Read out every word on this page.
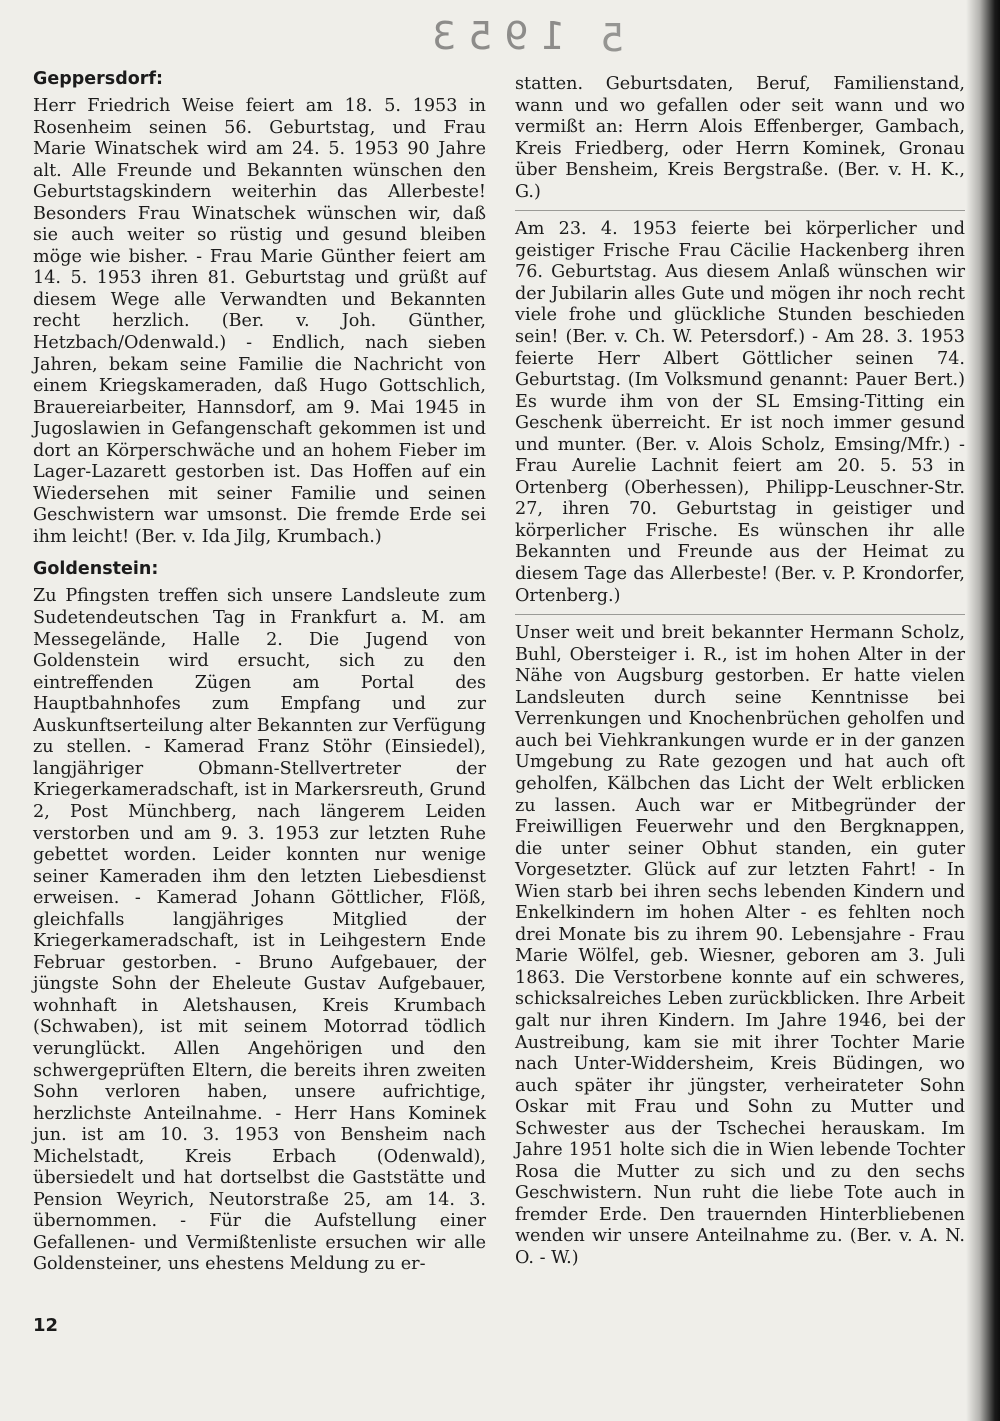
1953 5
Geppersdorf:

Herr Friedrich Weise feiert am 18. 5. 1953 in Rosenheim seinen 56. Geburtstag, und Frau Marie Winatschek wird am 24. 5. 1953 90 Jahre alt. Alle Freunde und Bekannten wünschen den Geburtstagskindern weiterhin das Allerbeste! Besonders Frau Winatschek wünschen wir, daß sie auch weiter so rüstig und gesund bleiben möge wie bisher. - Frau Marie Günther feiert am 14. 5. 1953 ihren 81. Geburtstag und grüßt auf diesem Wege alle Verwandten und Bekannten recht herzlich. (Ber. v. Joh. Günther, Hetzbach/Odenwald.) - Endlich, nach sieben Jahren, bekam seine Familie die Nachricht von einem Kriegskameraden, daß Hugo Gottschlich, Brauereiarbeiter, Hannsdorf, am 9. Mai 1945 in Jugoslawien in Gefangenschaft gekommen ist und dort an Körperschwäche und an hohem Fieber im Lager-Lazarett gestorben ist. Das Hoffen auf ein Wiedersehen mit seiner Familie und seinen Geschwistern war umsonst. Die fremde Erde sei ihm leicht! (Ber. v. Ida Jilg, Krumbach.)

Goldenstein:

Zu Pfingsten treffen sich unsere Landsleute zum Sudetendeutschen Tag in Frankfurt a. M. am Messegelände, Halle 2. Die Jugend von Goldenstein wird ersucht, sich zu den eintreffenden Zügen am Portal des Hauptbahnhofes zum Empfang und zur Auskunftserteilung alter Bekannten zur Verfügung zu stellen. - Kamerad Franz Stöhr (Einsiedel), langjähriger Obmann-Stellvertreter der Kriegerkameradschaft, ist in Markersreuth, Grund 2, Post Münchberg, nach längerem Leiden verstorben und am 9. 3. 1953 zur letzten Ruhe gebettet worden. Leider konnten nur wenige seiner Kameraden ihm den letzten Liebesdienst erweisen. - Kamerad Johann Göttlicher, Flöß, gleichfalls langjähriges Mitglied der Kriegerkameradschaft, ist in Leihgestern Ende Februar gestorben. - Bruno Aufgebauer, der jüngste Sohn der Eheleute Gustav Aufgebauer, wohnhaft in Aletshausen, Kreis Krumbach (Schwaben), ist mit seinem Motorrad tödlich verunglückt. Allen Angehörigen und den schwergeprüften Eltern, die bereits ihren zweiten Sohn verloren haben, unsere aufrichtige, herzlichste Anteilnahme. - Herr Hans Kominek jun. ist am 10. 3. 1953 von Bensheim nach Michelstadt, Kreis Erbach (Odenwald), übersiedelt und hat dortselbst die Gaststätte und Pension Weyrich, Neutorstraße 25, am 14. 3. übernommen. - Für die Aufstellung einer Gefallenen- und Vermißtenliste ersuchen wir alle Goldensteiner, uns ehestens Meldung zu er-

statten. Geburtsdaten, Beruf, Familienstand, wann und wo gefallen oder seit wann und wo vermißt an: Herrn Alois Effenberger, Gambach, Kreis Friedberg, oder Herrn Kominek, Gronau über Bensheim, Kreis Bergstraße. (Ber. v. H. K., G.)

Am 23. 4. 1953 feierte bei körperlicher und geistiger Frische Frau Cäcilie Hackenberg ihren 76. Geburtstag. Aus diesem Anlaß wünschen wir der Jubilarin alles Gute und mögen ihr noch recht viele frohe und glückliche Stunden beschieden sein! (Ber. v. Ch. W. Petersdorf.) - Am 28. 3. 1953 feierte Herr Albert Göttlicher seinen 74. Geburtstag. (Im Volksmund genannt: Pauer Bert.) Es wurde ihm von der SL Emsing-Titting ein Geschenk überreicht. Er ist noch immer gesund und munter. (Ber. v. Alois Scholz, Emsing/Mfr.) - Frau Aurelie Lachnit feiert am 20. 5. 53 in Ortenberg (Oberhessen), Philipp-Leuschner-Str. 27, ihren 70. Geburtstag in geistiger und körperlicher Frische. Es wünschen ihr alle Bekannten und Freunde aus der Heimat zu diesem Tage das Allerbeste! (Ber. v. P. Krondorfer, Ortenberg.)

Unser weit und breit bekannter Hermann Scholz, Buhl, Obersteiger i. R., ist im hohen Alter in der Nähe von Augsburg gestorben. Er hatte vielen Landsleuten durch seine Kenntnisse bei Verrenkungen und Knochenbrüchen geholfen und auch bei Viehkrankungen wurde er in der ganzen Umgebung zu Rate gezogen und hat auch oft geholfen, Kälbchen das Licht der Welt erblicken zu lassen. Auch war er Mitbegründer der Freiwilligen Feuerwehr und den Bergknappen, die unter seiner Obhut standen, ein guter Vorgesetzter. Glück auf zur letzten Fahrt! - In Wien starb bei ihren sechs lebenden Kindern und Enkelkindern im hohen Alter - es fehlten noch drei Monate bis zu ihrem 90. Lebensjahre - Frau Marie Wölfel, geb. Wiesner, geboren am 3. Juli 1863. Die Verstorbene konnte auf ein schweres, schicksalreiches Leben zurückblicken. Ihre Arbeit galt nur ihren Kindern. Im Jahre 1946, bei der Austreibung, kam sie mit ihrer Tochter Marie nach Unter-Widdersheim, Kreis Büdingen, wo auch später ihr jüngster, verheirateter Sohn Oskar mit Frau und Sohn zu Mutter und Schwester aus der Tschechei herauskam. Im Jahre 1951 holte sich die in Wien lebende Tochter Rosa die Mutter zu sich und zu den sechs Geschwistern. Nun ruht die liebe Tote auch in fremder Erde. Den trauernden Hinterbliebenen wenden wir unsere Anteilnahme zu. (Ber. v. A. N. O. - W.)

12
